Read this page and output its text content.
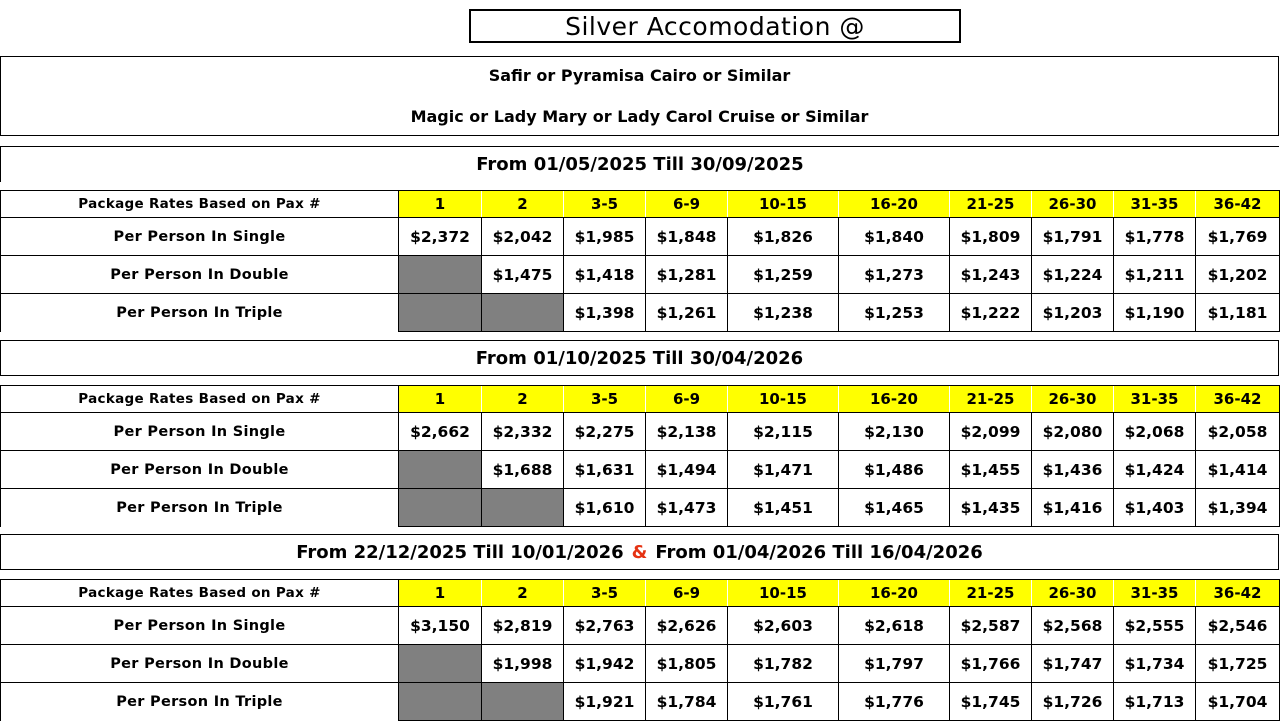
Silver Accomodation @
Safir or Pyramisa Cairo or Similar
Magic or Lady Mary or Lady Carol Cruise or Similar
From 01/05/2025 Till 30/09/2025
Package Rates Based on Pax #	1	2	3-5	6-9	10-15	16-20	21-25	26-30	31-35	36-42
Per Person In Single	$2,372	$2,042	$1,985	$1,848	$1,826	$1,840	$1,809	$1,791	$1,778	$1,769
Per Person In Double		$1,475	$1,418	$1,281	$1,259	$1,273	$1,243	$1,224	$1,211	$1,202
Per Person In Triple			$1,398	$1,261	$1,238	$1,253	$1,222	$1,203	$1,190	$1,181
From 01/10/2025 Till 30/04/2026
Package Rates Based on Pax #	1	2	3-5	6-9	10-15	16-20	21-25	26-30	31-35	36-42
Per Person In Single	$2,662	$2,332	$2,275	$2,138	$2,115	$2,130	$2,099	$2,080	$2,068	$2,058
Per Person In Double		$1,688	$1,631	$1,494	$1,471	$1,486	$1,455	$1,436	$1,424	$1,414
Per Person In Triple			$1,610	$1,473	$1,451	$1,465	$1,435	$1,416	$1,403	$1,394
From 22/12/2025 Till 10/01/2026 & From 01/04/2026 Till 16/04/2026
Package Rates Based on Pax #	1	2	3-5	6-9	10-15	16-20	21-25	26-30	31-35	36-42
Per Person In Single	$3,150	$2,819	$2,763	$2,626	$2,603	$2,618	$2,587	$2,568	$2,555	$2,546
Per Person In Double		$1,998	$1,942	$1,805	$1,782	$1,797	$1,766	$1,747	$1,734	$1,725
Per Person In Triple			$1,921	$1,784	$1,761	$1,776	$1,745	$1,726	$1,713	$1,704
